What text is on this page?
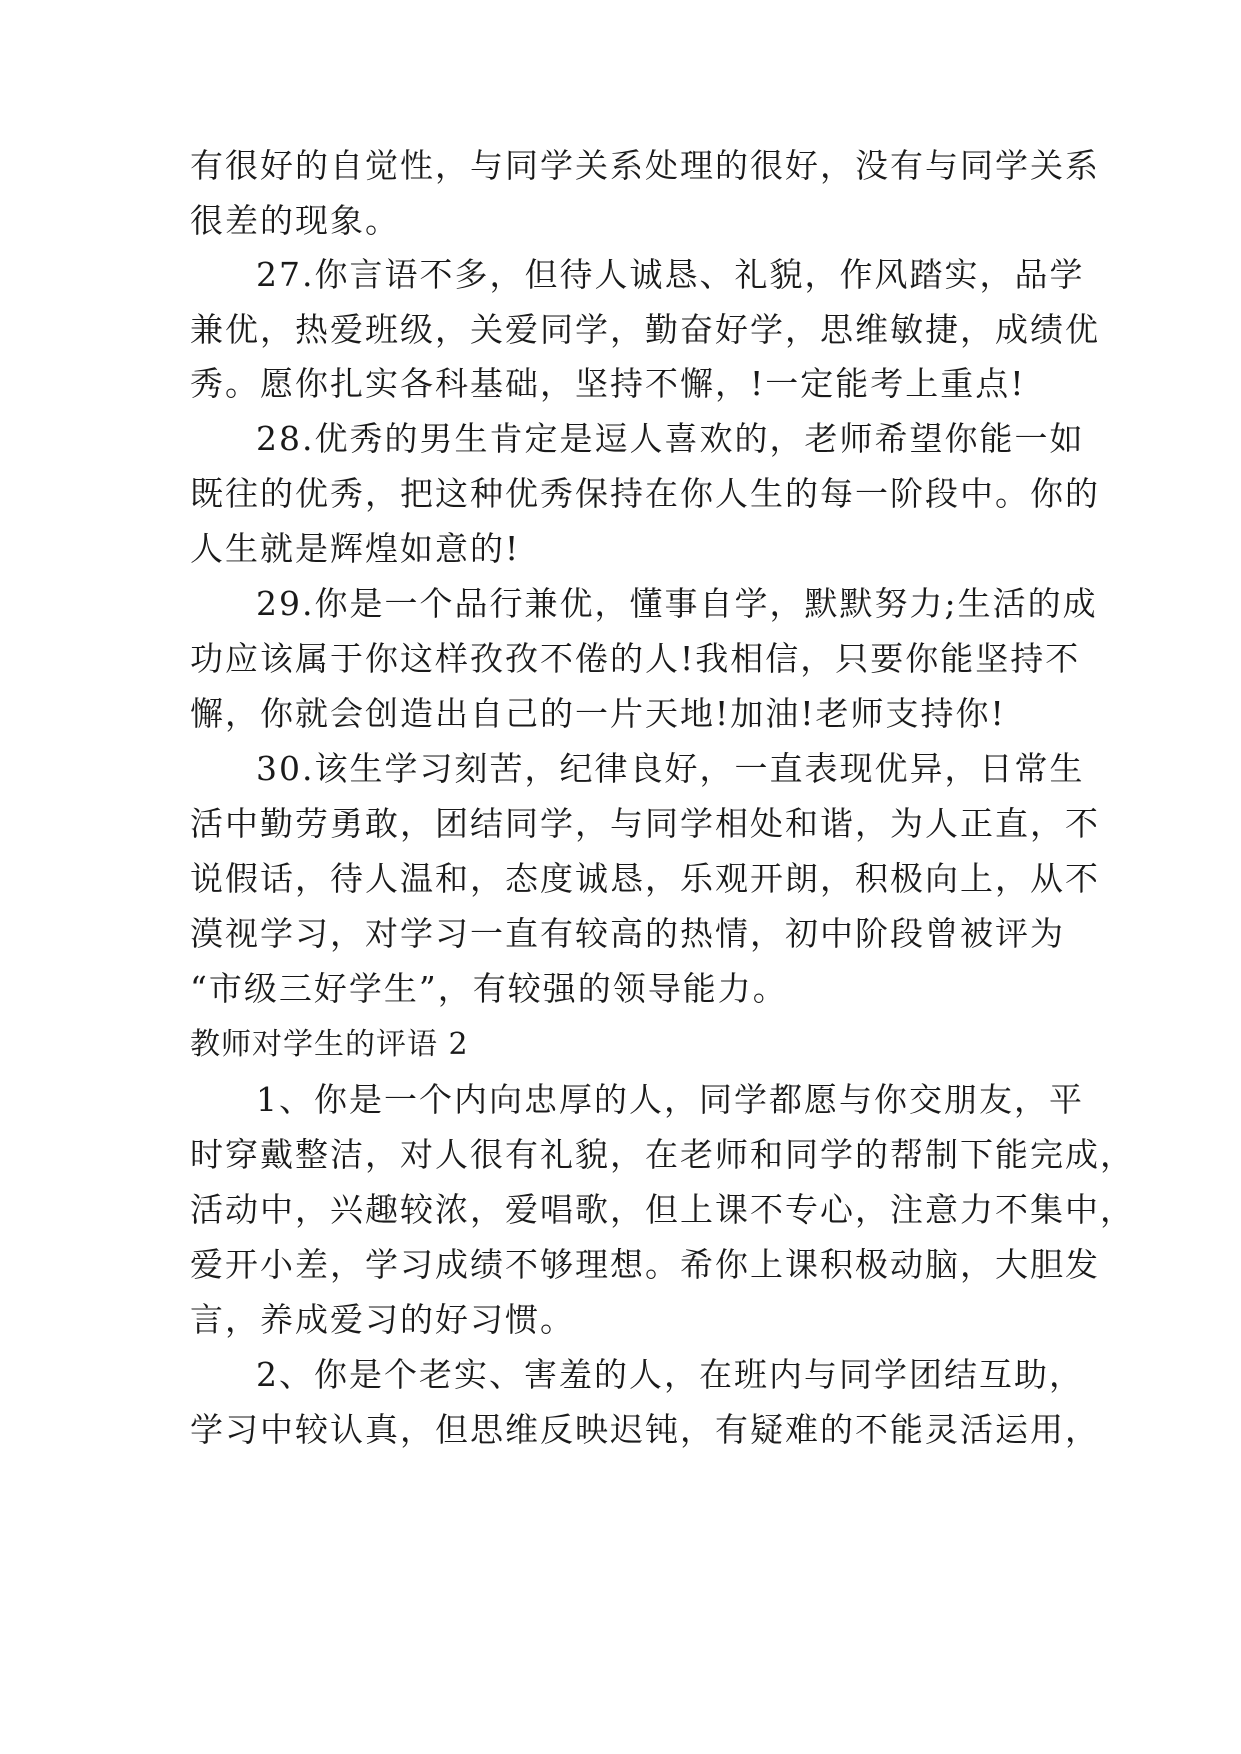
有很好的自觉性，与同学关系处理的很好，没有与同学关系
很差的现象。
27.你言语不多，但待人诚恳、礼貌，作风踏实，品学
兼优，热爱班级，关爱同学，勤奋好学，思维敏捷，成绩优
秀。愿你扎实各科基础，坚持不懈，!一定能考上重点!
28.优秀的男生肯定是逗人喜欢的，老师希望你能一如
既往的优秀，把这种优秀保持在你人生的每一阶段中。你的
人生就是辉煌如意的!
29.你是一个品行兼优，懂事自学，默默努力;生活的成
功应该属于你这样孜孜不倦的人!我相信，只要你能坚持不
懈，你就会创造出自己的一片天地!加油!老师支持你!
30.该生学习刻苦，纪律良好，一直表现优异，日常生
活中勤劳勇敢，团结同学，与同学相处和谐，为人正直，不
说假话，待人温和，态度诚恳，乐观开朗，积极向上，从不
漠视学习，对学习一直有较高的热情，初中阶段曾被评为
“市级三好学生”，有较强的领导能力。
教师对学生的评语 2
1、你是一个内向忠厚的人，同学都愿与你交朋友，平
时穿戴整洁，对人很有礼貌，在老师和同学的帮制下能完成，
活动中，兴趣较浓，爱唱歌，但上课不专心，注意力不集中，
爱开小差，学习成绩不够理想。希你上课积极动脑，大胆发
言，养成爱习的好习惯。
2、你是个老实、害羞的人，在班内与同学团结互助，
学习中较认真，但思维反映迟钝，有疑难的不能灵活运用，
